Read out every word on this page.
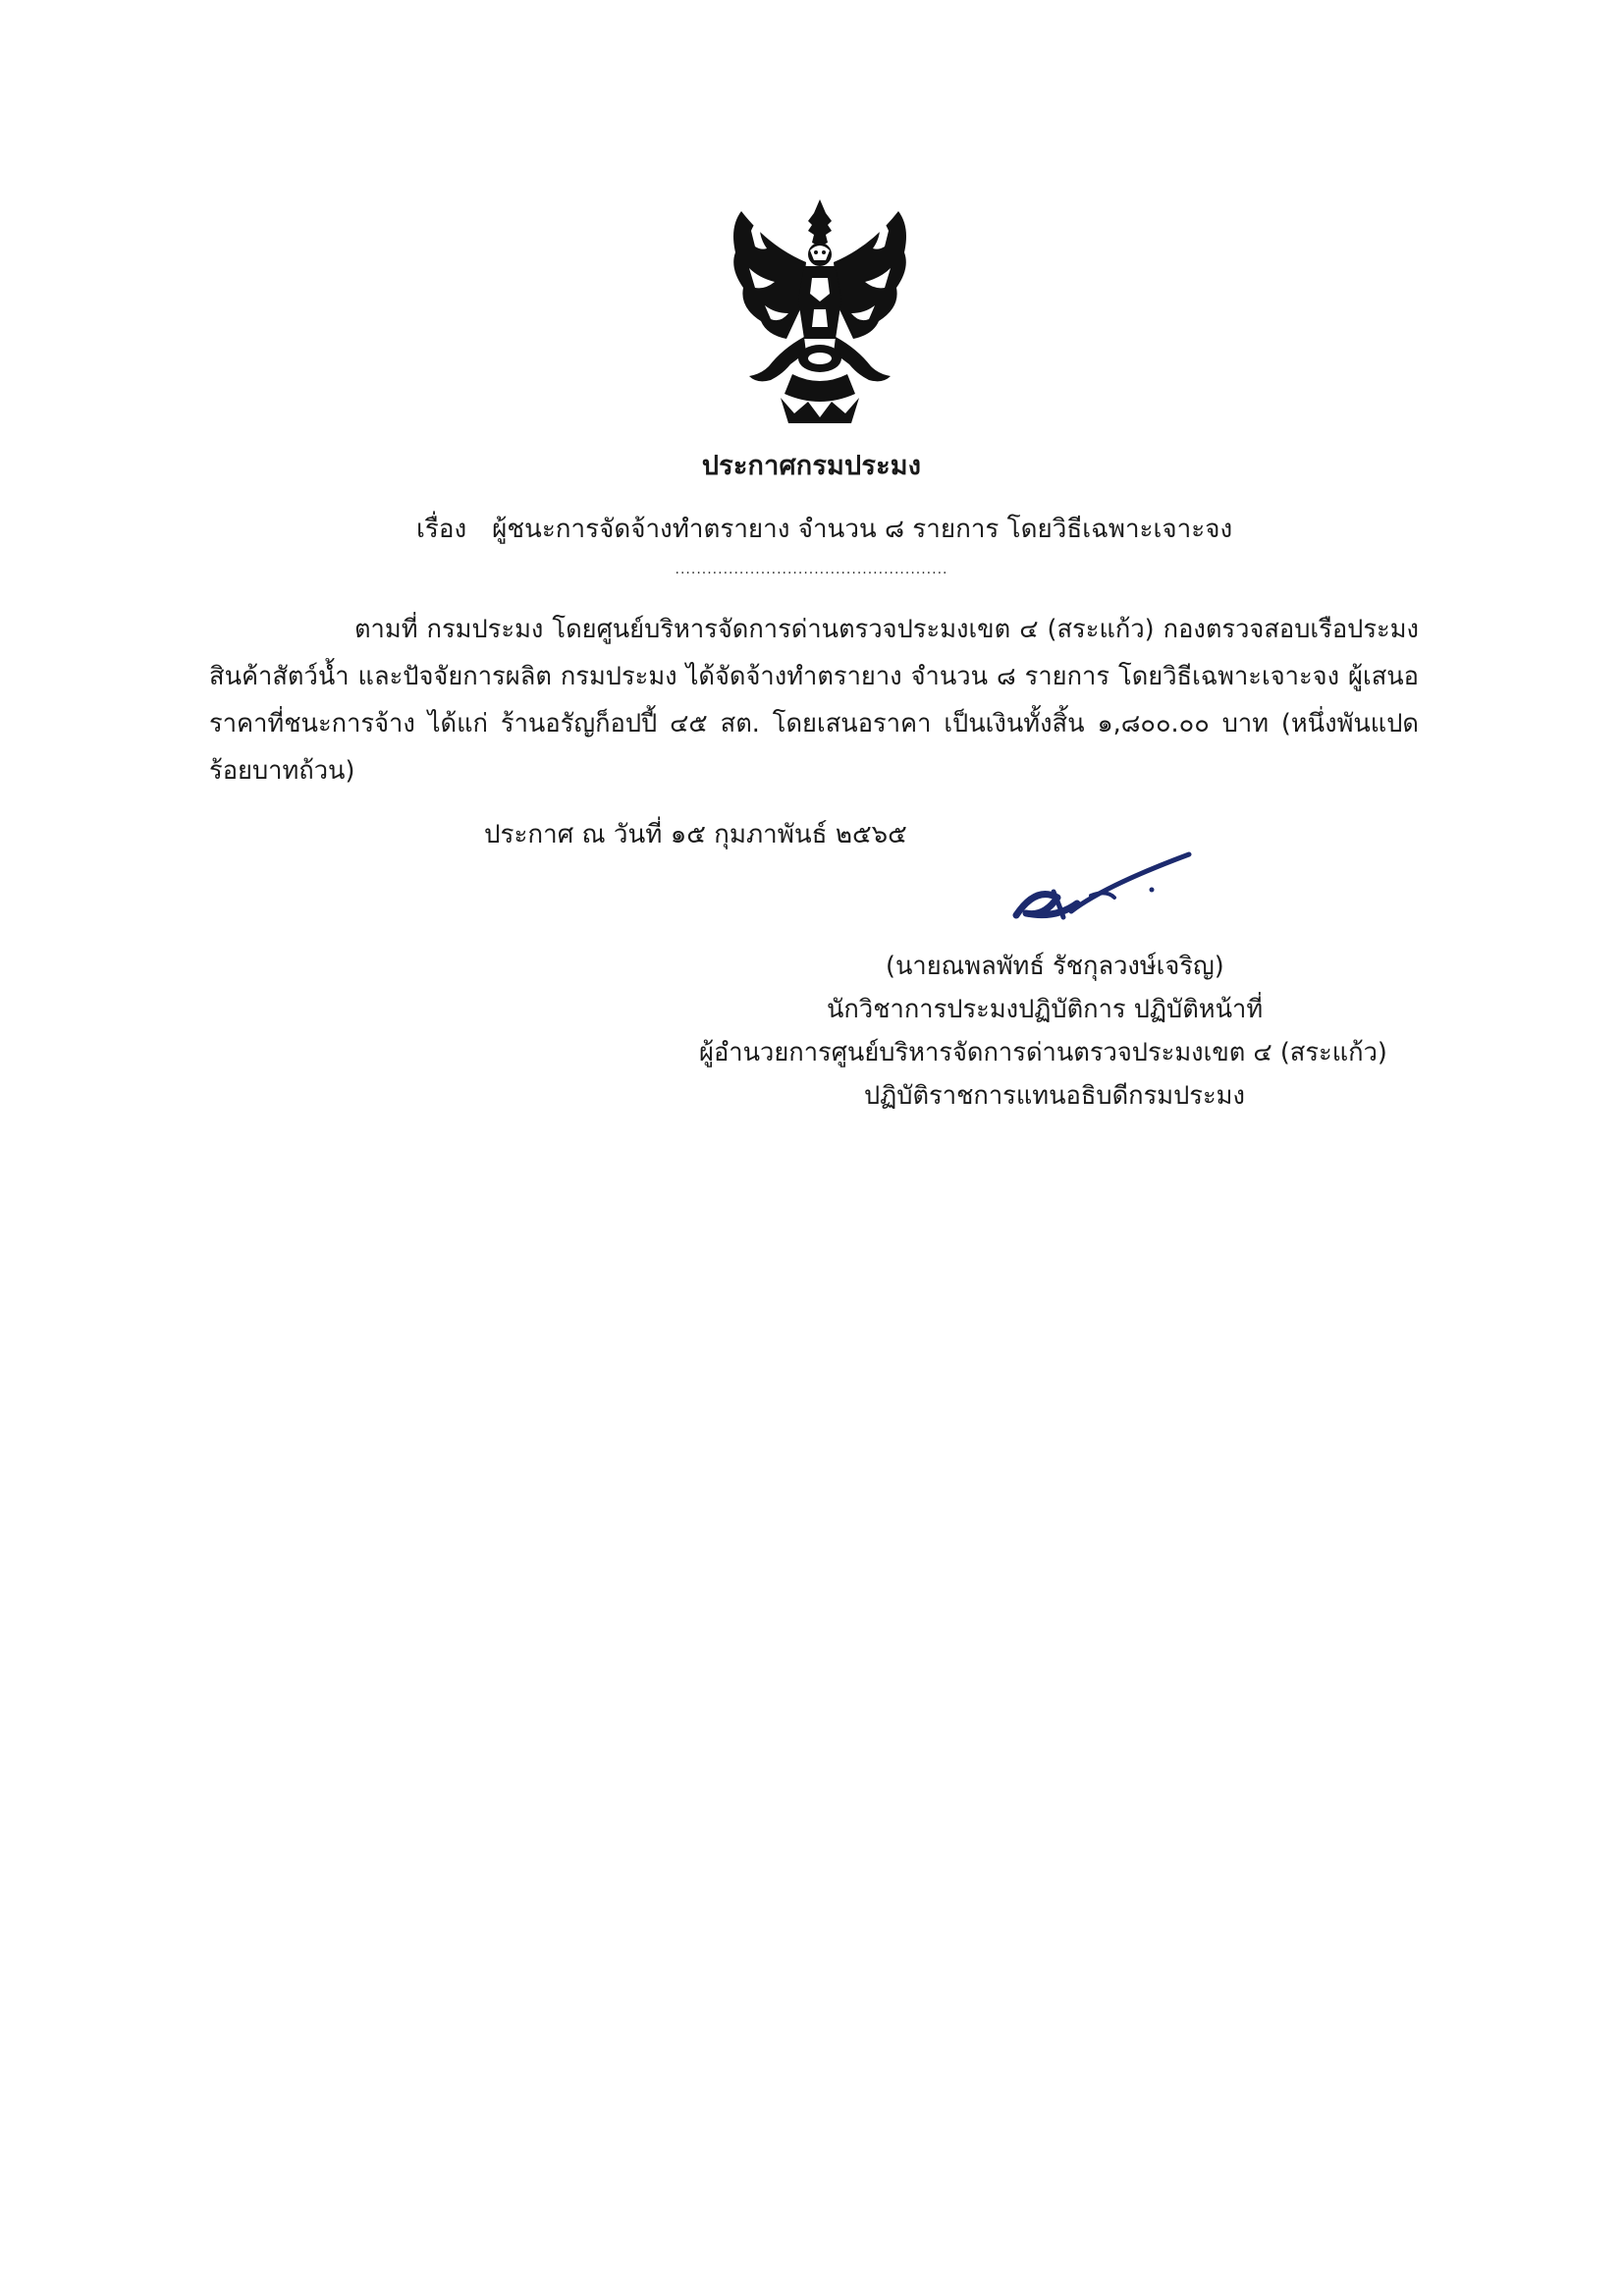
ประกาศกรมประมง
เรื่อง ผู้ชนะการจัดจ้างทำตรายาง จำนวน ๘ รายการ โดยวิธีเฉพาะเจาะจง
...................................................
ตามที่ กรมประมง โดยศูนย์บริหารจัดการด่านตรวจประมงเขต ๔ (สระแก้ว) กองตรวจสอบเรือประมง สินค้าสัตว์น้ำ และปัจจัยการผลิต กรมประมง ได้จัดจ้างทำตรายาง จำนวน ๘ รายการ โดยวิธีเฉพาะเจาะจง ผู้เสนอราคาที่ชนะการจ้าง ได้แก่ ร้านอรัญก็อปปี้ ๔๕ สต. โดยเสนอราคา เป็นเงินทั้งสิ้น ๑,๘๐๐.๐๐ บาท (หนึ่งพันแปดร้อยบาทถ้วน)
ประกาศ ณ วันที่ ๑๕ กุมภาพันธ์ ๒๕๖๕
(นายณพลพัทธ์ รัชกุลวงษ์เจริญ)
นักวิชาการประมงปฏิบัติการ ปฏิบัติหน้าที่
ผู้อำนวยการศูนย์บริหารจัดการด่านตรวจประมงเขต ๔ (สระแก้ว)
ปฏิบัติราชการแทนอธิบดีกรมประมง
